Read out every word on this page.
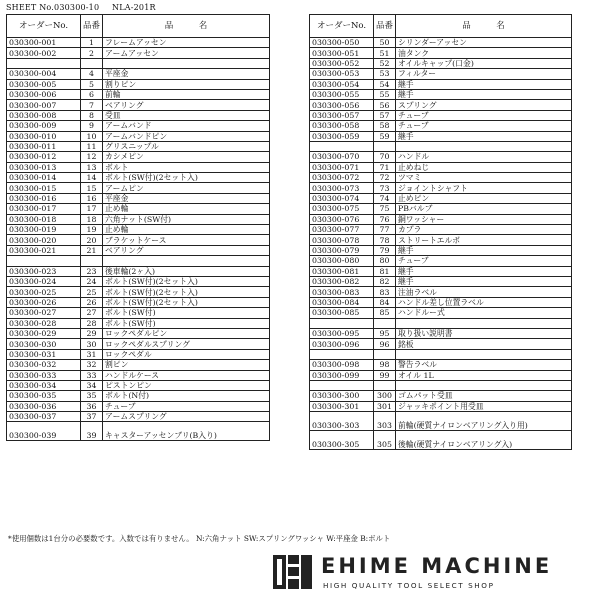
SHEET No.030300-10 NLA-201R
オーダーNo.	品番	品　　　名
030300-001	1	フレームアッセン
030300-002	2	アームアッセン

030300-004	4	平座金
030300-005	5	割りピン
030300-006	6	前輪
030300-007	7	ベアリング
030300-008	8	受皿
030300-009	9	アームバンド
030300-010	10	アームバンドピン
030300-011	11	グリスニップル
030300-012	12	カシメピン
030300-013	13	ボルト
030300-014	14	ボルト(SW付)(2セット入)
030300-015	15	アームピン
030300-016	16	平座金
030300-017	17	止め輪
030300-018	18	六角ナット(SW付)
030300-019	19	止め輪
030300-020	20	ブラケットケース
030300-021	21	ベアリング

030300-023	23	後車輪(2ヶ入)
030300-024	24	ボルト(SW付)(2セット入)
030300-025	25	ボルト(SW付)(2セット入)
030300-026	26	ボルト(SW付)(2セット入)
030300-027	27	ボルト(SW付)
030300-028	28	ボルト(SW付)
030300-029	29	ロックペダルピン
030300-030	30	ロックペダルスプリング
030300-031	31	ロックペダル
030300-032	32	割ピン
030300-033	33	ハンドルケース
030300-034	34	ピストンピン
030300-035	35	ボルト(N付)
030300-036	36	チューブ
030300-037	37	アームスプリング
030300-039	39	キャスターアッセンブリ(B入り)
オーダーNo.	品番	品　　　名
030300-050	50	シリンダーアッセン
030300-051	51	油タンク
030300-052	52	オイルキャップ(口金)
030300-053	53	フィルター
030300-054	54	継手
030300-055	55	継手
030300-056	56	スプリング
030300-057	57	チューブ
030300-058	58	チューブ
030300-059	59	継手

030300-070	70	ハンドル
030300-071	71	止めねじ
030300-072	72	ツマミ
030300-073	73	ジョイントシャフト
030300-074	74	止めピン
030300-075	75	PBバルブ
030300-076	76	銅ワッシャー
030300-077	77	カプラ
030300-078	78	ストリートエルボ
030300-079	79	継手
030300-080	80	チューブ
030300-081	81	継手
030300-082	82	継手
030300-083	83	注油ラベル
030300-084	84	ハンドル差し位置ラベル
030300-085	85	ハンドルー式

030300-095	95	取り扱い説明書
030300-096	96	銘板

030300-098	98	警告ラベル
030300-099	99	オイル 1L

030300-300	300	ゴムパット受皿
030300-301	301	ジャッキポイント用受皿
030300-303	303	前輪(硬質ナイロンベアリング入り用)
030300-305	305	後輪(硬質ナイロンベアリング入)
*使用個数は1台分の必要数です。入数では有りません。 N:六角ナット SW:スプリングワッシャ W:平座金 B:ボルト
EHIME MACHINE
HIGH QUALITY TOOL SELECT SHOP
